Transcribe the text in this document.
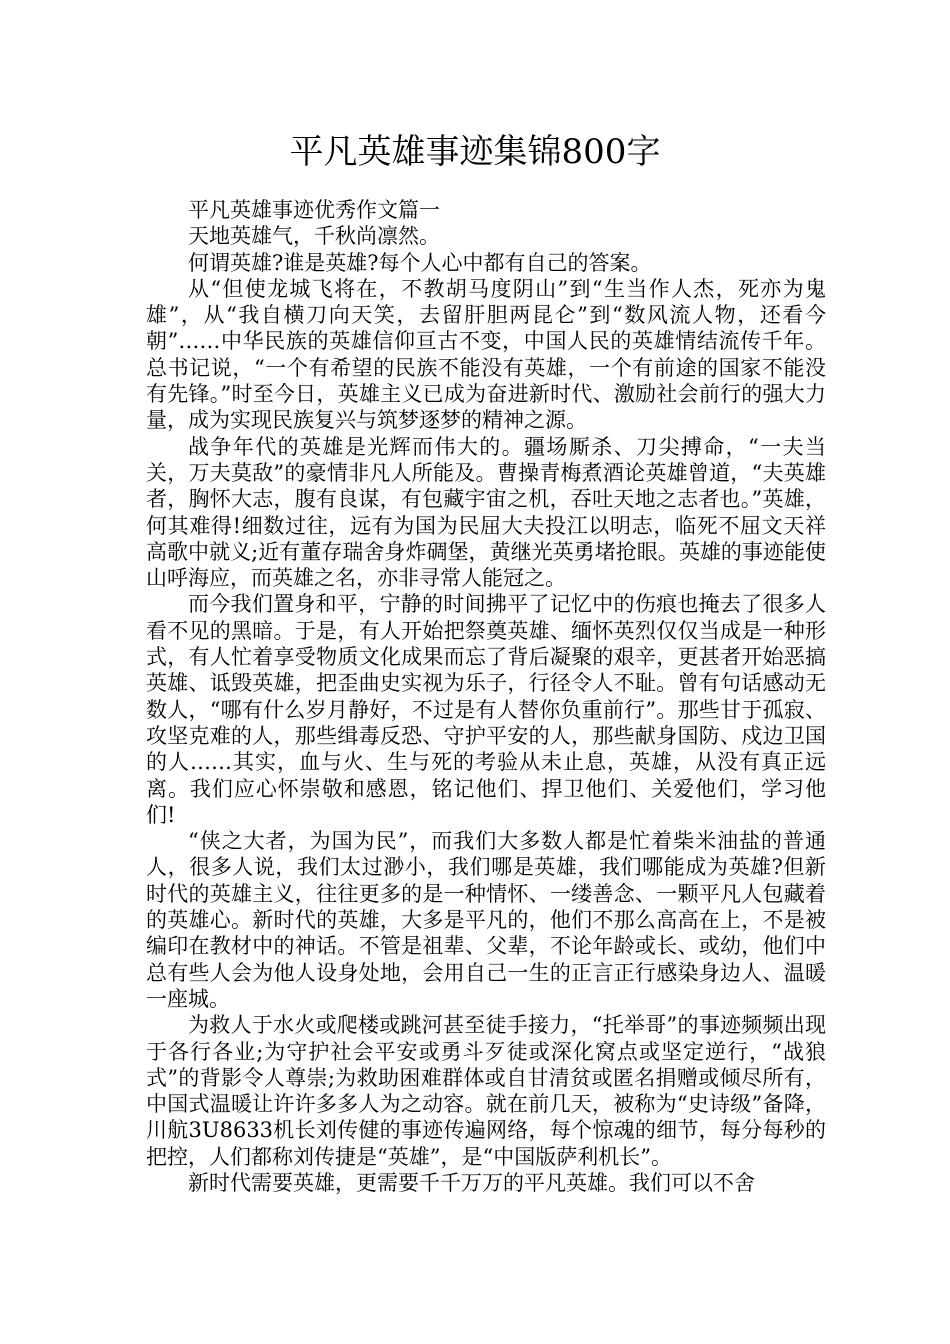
平凡英雄事迹集锦800字

平凡英雄事迹优秀作文篇一

天地英雄气，千秋尚凛然。

何谓英雄?谁是英雄?每个人心中都有自己的答案。

从“但使龙城飞将在，不教胡马度阴山”到“生当作人杰，死亦为鬼雄”，从“我自横刀向天笑，去留肝胆两昆仑”到“数风流人物，还看今朝”……中华民族的英雄信仰亘古不变，中国人民的英雄情结流传千年。总书记说，“一个有希望的民族不能没有英雄，一个有前途的国家不能没有先锋。”时至今日，英雄主义已成为奋进新时代、激励社会前行的强大力量，成为实现民族复兴与筑梦逐梦的精神之源。

战争年代的英雄是光辉而伟大的。疆场厮杀、刀尖搏命，“一夫当关，万夫莫敌”的豪情非凡人所能及。曹操青梅煮酒论英雄曾道，“夫英雄者，胸怀大志，腹有良谋，有包藏宇宙之机，吞吐天地之志者也。”英雄，何其难得!细数过往，远有为国为民屈大夫投江以明志，临死不屈文天祥高歌中就义;近有董存瑞舍身炸碉堡，黄继光英勇堵抢眼。英雄的事迹能使山呼海应，而英雄之名，亦非寻常人能冠之。

而今我们置身和平，宁静的时间拂平了记忆中的伤痕也掩去了很多人看不见的黑暗。于是，有人开始把祭奠英雄、缅怀英烈仅仅当成是一种形式，有人忙着享受物质文化成果而忘了背后凝聚的艰辛，更甚者开始恶搞英雄、诋毁英雄，把歪曲史实视为乐子，行径令人不耻。曾有句话感动无数人，“哪有什么岁月静好，不过是有人替你负重前行”。那些甘于孤寂、攻坚克难的人，那些缉毒反恐、守护平安的人，那些献身国防、戍边卫国的人……其实，血与火、生与死的考验从未止息，英雄，从没有真正远离。我们应心怀崇敬和感恩，铭记他们、捍卫他们、关爱他们，学习他们!

“侠之大者，为国为民”，而我们大多数人都是忙着柴米油盐的普通人，很多人说，我们太过渺小，我们哪是英雄，我们哪能成为英雄?但新时代的英雄主义，往往更多的是一种情怀、一缕善念、一颗平凡人包藏着的英雄心。新时代的英雄，大多是平凡的，他们不那么高高在上，不是被编印在教材中的神话。不管是祖辈、父辈，不论年龄或长、或幼，他们中总有些人会为他人设身处地，会用自己一生的正言正行感染身边人、温暖一座城。

为救人于水火或爬楼或跳河甚至徒手接力，“托举哥”的事迹频频出现于各行各业;为守护社会平安或勇斗歹徒或深化窝点或坚定逆行，“战狼式”的背影令人尊崇;为救助困难群体或自甘清贫或匿名捐赠或倾尽所有，中国式温暖让许许多多人为之动容。就在前几天，被称为“史诗级”备降，川航3U8633机长刘传健的事迹传遍网络，每个惊魂的细节，每分每秒的把控，人们都称刘传捷是“英雄”，是“中国版萨利机长”。

新时代需要英雄，更需要千千万万的平凡英雄。我们可以不舍
